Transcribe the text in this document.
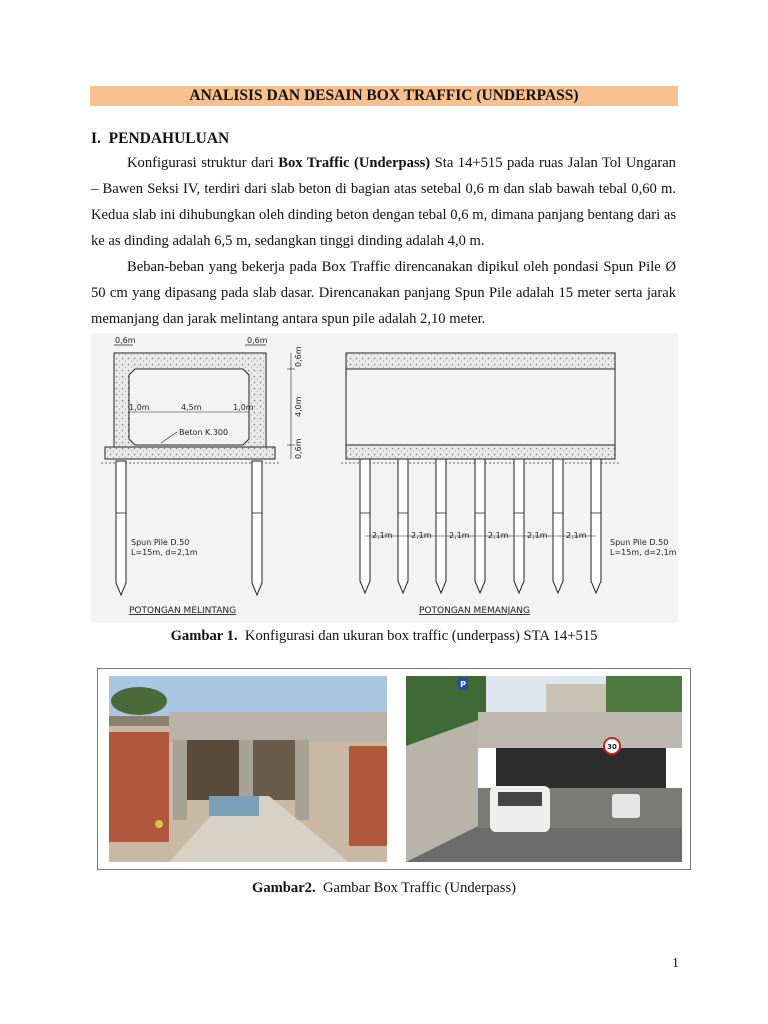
ANALISIS DAN DESAIN BOX TRAFFIC (UNDERPASS)
I. PENDAHULUAN

Konfigurasi struktur dari Box Traffic (Underpass) Sta 14+515 pada ruas Jalan Tol Ungaran – Bawen Seksi IV, terdiri dari slab beton di bagian atas setebal 0,6 m dan slab bawah tebal 0,60 m. Kedua slab ini dihubungkan oleh dinding beton dengan tebal 0,6 m, dimana panjang bentang dari as ke as dinding adalah 6,5 m, sedangkan tinggi dinding adalah 4,0 m.

Beban-beban yang bekerja pada Box Traffic direncanakan dipikul oleh pondasi Spun Pile Ø 50 cm yang dipasang pada slab dasar. Direncanakan panjang Spun Pile adalah 15 meter serta jarak memanjang dan jarak melintang antara spun pile adalah 2,10 meter.

0,6m	0,6m
1,0m	4,5m	1,0m
Beton K.300
0,6m
4,0m
0,6m
Spun Pile D.50
L=15m, d=2,1m
POTONGAN MELINTANG
2,1m 2,1m 2,1m 2,1m 2,1m 2,1m
Spun Pile D.50
L=15m, d=2,1m
POTONGAN MEMANJANG
Gambar 1. Konfigurasi dan ukuran box traffic (underpass) STA 14+515
30
P
Gambar2. Gambar Box Traffic (Underpass)
1
